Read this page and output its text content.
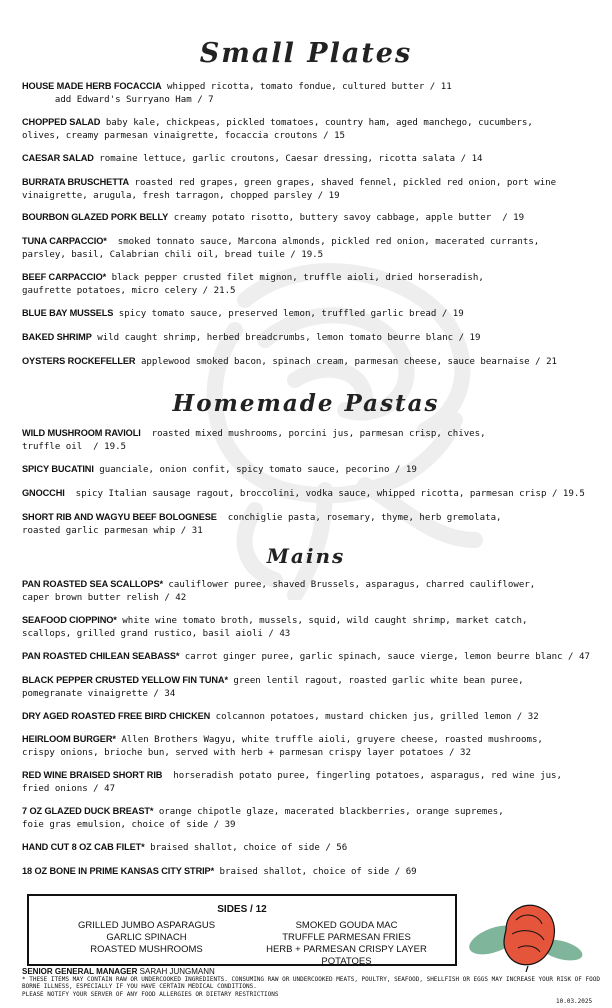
Small Plates
HOUSE MADE HERB FOCACCIA whipped ricotta, tomato fondue, cultured butter / 11
add Edward's Surryano Ham / 7
CHOPPED SALAD baby kale, chickpeas, pickled tomatoes, country ham, aged manchego, cucumbers,
olives, creamy parmesan vinaigrette, focaccia croutons / 15
CAESAR SALAD romaine lettuce, garlic croutons, Caesar dressing, ricotta salata / 14
BURRATA BRUSCHETTA roasted red grapes, green grapes, shaved fennel, pickled red onion, port wine
vinaigrette, arugula, fresh tarragon, chopped parsley / 19
BOURBON GLAZED PORK BELLY creamy potato risotto, buttery savoy cabbage, apple butter  / 19
TUNA CARPACCIO*  smoked tonnato sauce, Marcona almonds, pickled red onion, macerated currants,
parsley, basil, Calabrian chili oil, bread tuile / 19.5
BEEF CARPACCIO* black pepper crusted filet mignon, truffle aioli, dried horseradish,
gaufrette potatoes, micro celery / 21.5
BLUE BAY MUSSELS spicy tomato sauce, preserved lemon, truffled garlic bread / 19
BAKED SHRIMP wild caught shrimp, herbed breadcrumbs, lemon tomato beurre blanc / 19
OYSTERS ROCKEFELLER applewood smoked bacon, spinach cream, parmesan cheese, sauce bearnaise / 21
Homemade Pastas
WILD MUSHROOM RAVIOLI  roasted mixed mushrooms, porcini jus, parmesan crisp, chives,
truffle oil  / 19.5
SPICY BUCATINI guanciale, onion confit, spicy tomato sauce, pecorino / 19
GNOCCHI  spicy Italian sausage ragout, broccolini, vodka sauce, whipped ricotta, parmesan crisp / 19.5
SHORT RIB AND WAGYU BEEF BOLOGNESE  conchiglie pasta, rosemary, thyme, herb gremolata,
roasted garlic parmesan whip / 31
Mains
PAN ROASTED SEA SCALLOPS* cauliflower puree, shaved Brussels, asparagus, charred cauliflower,
caper brown butter relish / 42
SEAFOOD CIOPPINO* white wine tomato broth, mussels, squid, wild caught shrimp, market catch,
scallops, grilled grand rustico, basil aioli / 43
PAN ROASTED CHILEAN SEABASS* carrot ginger puree, garlic spinach, sauce vierge, lemon beurre blanc / 47
BLACK PEPPER CRUSTED YELLOW FIN TUNA* green lentil ragout, roasted garlic white bean puree,
pomegranate vinaigrette / 34
DRY AGED ROASTED FREE BIRD CHICKEN colcannon potatoes, mustard chicken jus, grilled lemon / 32
HEIRLOOM BURGER* Allen Brothers Wagyu, white truffle aioli, gruyere cheese, roasted mushrooms,
crispy onions, brioche bun, served with herb + parmesan crispy layer potatoes / 32
RED WINE BRAISED SHORT RIB  horseradish potato puree, fingerling potatoes, asparagus, red wine jus,
fried onions / 47
7 OZ GLAZED DUCK BREAST* orange chipotle glaze, macerated blackberries, orange supremes,
foie gras emulsion, choice of side / 39
HAND CUT 8 OZ CAB FILET* braised shallot, choice of side / 56
18 OZ BONE IN PRIME KANSAS CITY STRIP* braised shallot, choice of side / 69
SIDES / 12
GRILLED JUMBO ASPARAGUS
GARLIC SPINACH
ROASTED MUSHROOMS
SMOKED GOUDA MAC
TRUFFLE PARMESAN FRIES
HERB + PARMESAN CRISPY LAYER POTATOES
SENIOR GENERAL MANAGER SARAH JUNGMANN
* THESE ITEMS MAY CONTAIN RAW OR UNDERCOOKED INGREDIENTS. CONSUMING RAW OR UNDERCOOKED MEATS, POULTRY, SEAFOOD, SHELLFISH OR EGGS MAY INCREASE YOUR RISK OF FOOD
BORNE ILLNESS, ESPECIALLY IF YOU HAVE CERTAIN MEDICAL CONDITIONS.
PLEASE NOTIFY YOUR SERVER OF ANY FOOD ALLERGIES OR DIETARY RESTRICTIONS
10.03.2025
